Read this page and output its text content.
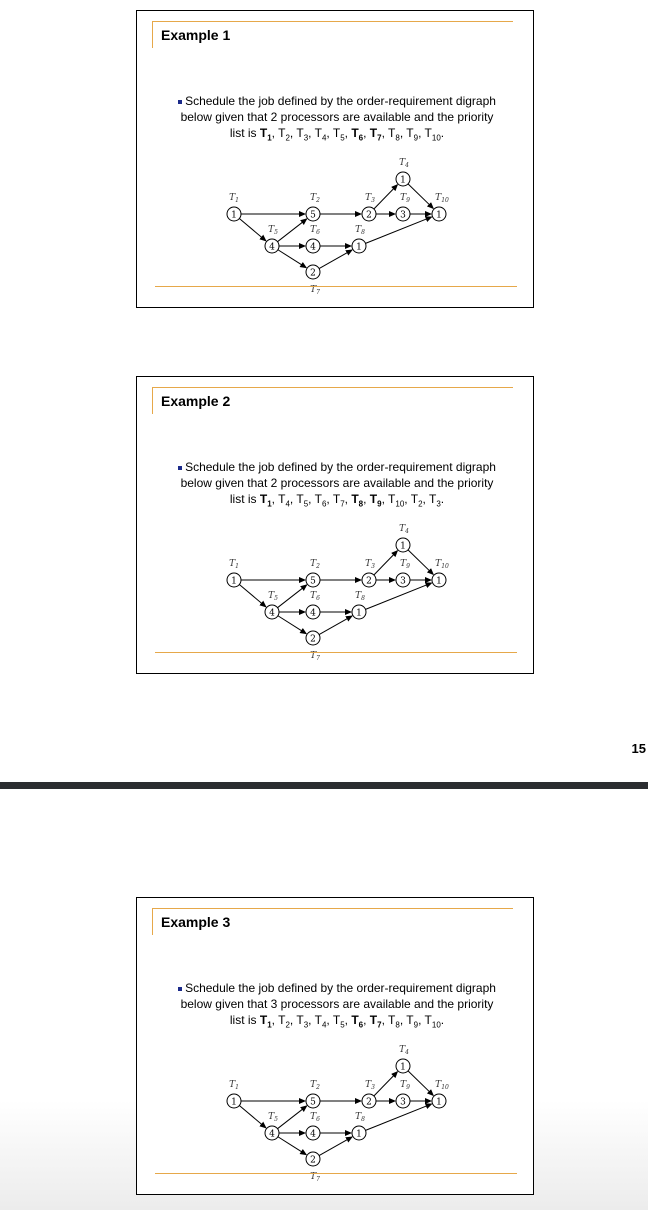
Example 1
Schedule the job defined by the order-requirement digraph
below given that 2 processors are available and the priority
list is $T_1$, $T_2$, $T_3$, $T_4$, $T_5$, $T_6$, $T_7$, $T_8$, $T_9$, $T_{10}$.
1
$T_1$
5
$T_2$
2
$T_3$
1
$T_4$
4
$T_5$
4
$T_6$
2
$T_7$
1
$T_8$
3
$T_9$
1
$T_{10}$
Example 2
Schedule the job defined by the order-requirement digraph
below given that 2 processors are available and the priority
list is $T_1$, $T_4$, $T_5$, $T_6$, $T_7$, $T_8$, $T_9$, $T_{10}$, $T_2$, $T_3$.
1
$T_1$
5
$T_2$
2
$T_3$
1
$T_4$
4
$T_5$
4
$T_6$
2
$T_7$
1
$T_8$
3
$T_9$
1
$T_{10}$
15
Example 3
Schedule the job defined by the order-requirement digraph
below given that 3 processors are available and the priority
list is $T_1$, $T_2$, $T_3$, $T_4$, $T_5$, $T_6$, $T_7$, $T_8$, $T_9$, $T_{10}$.
1
$T_1$
5
$T_2$
2
$T_3$
1
$T_4$
4
$T_5$
4
$T_6$
2
$T_7$
1
$T_8$
3
$T_9$
1
$T_{10}$
